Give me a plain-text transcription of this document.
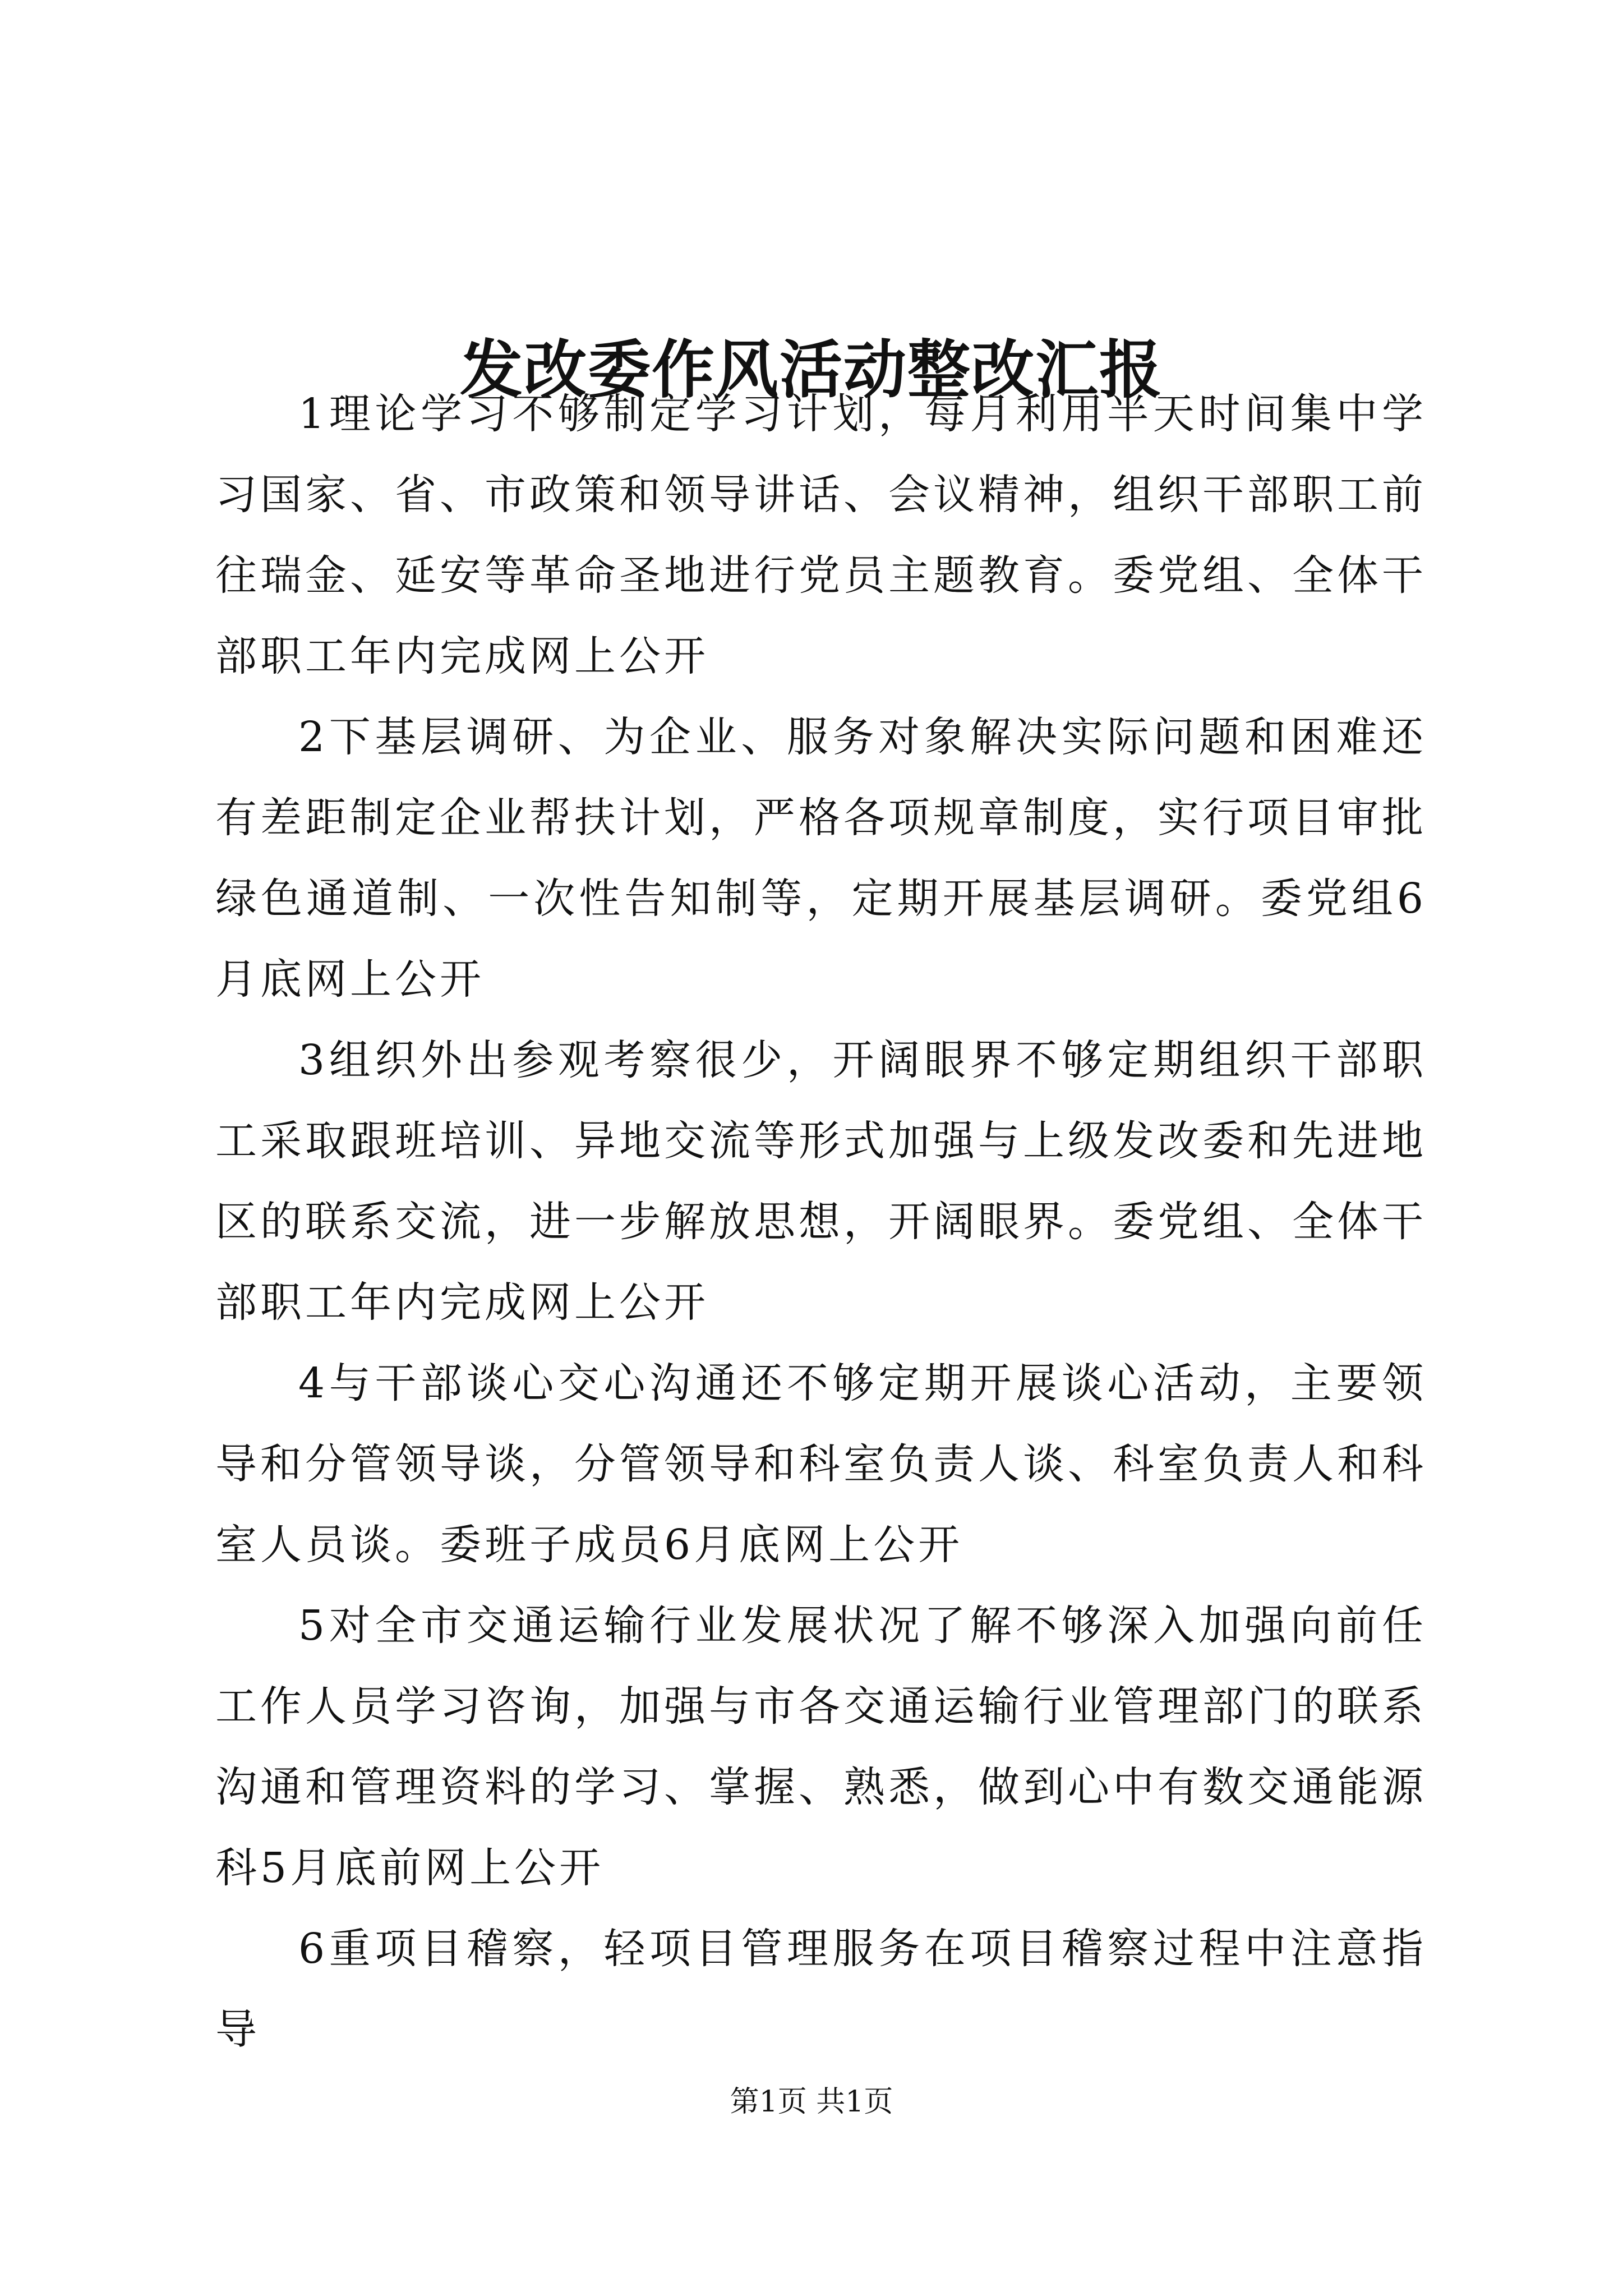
发改委作风活动整改汇报

1理论学习不够制定学习计划，每月利用半天时间集中学习国家、省、市政策和领导讲话、会议精神，组织干部职工前往瑞金、延安等革命圣地进行党员主题教育。委党组、全体干部职工年内完成网上公开

2下基层调研、为企业、服务对象解决实际问题和困难还有差距制定企业帮扶计划，严格各项规章制度，实行项目审批绿色通道制、一次性告知制等，定期开展基层调研。委党组6月底网上公开

3组织外出参观考察很少，开阔眼界不够定期组织干部职工采取跟班培训、异地交流等形式加强与上级发改委和先进地区的联系交流，进一步解放思想，开阔眼界。委党组、全体干部职工年内完成网上公开

4与干部谈心交心沟通还不够定期开展谈心活动，主要领导和分管领导谈，分管领导和科室负责人谈、科室负责人和科室人员谈。委班子成员6月底网上公开

5对全市交通运输行业发展状况了解不够深入加强向前任工作人员学习咨询，加强与市各交通运输行业管理部门的联系沟通和管理资料的学习、掌握、熟悉，做到心中有数交通能源科5月底前网上公开

6重项目稽察，轻项目管理服务在项目稽察过程中注意指导

第1页 共1页
